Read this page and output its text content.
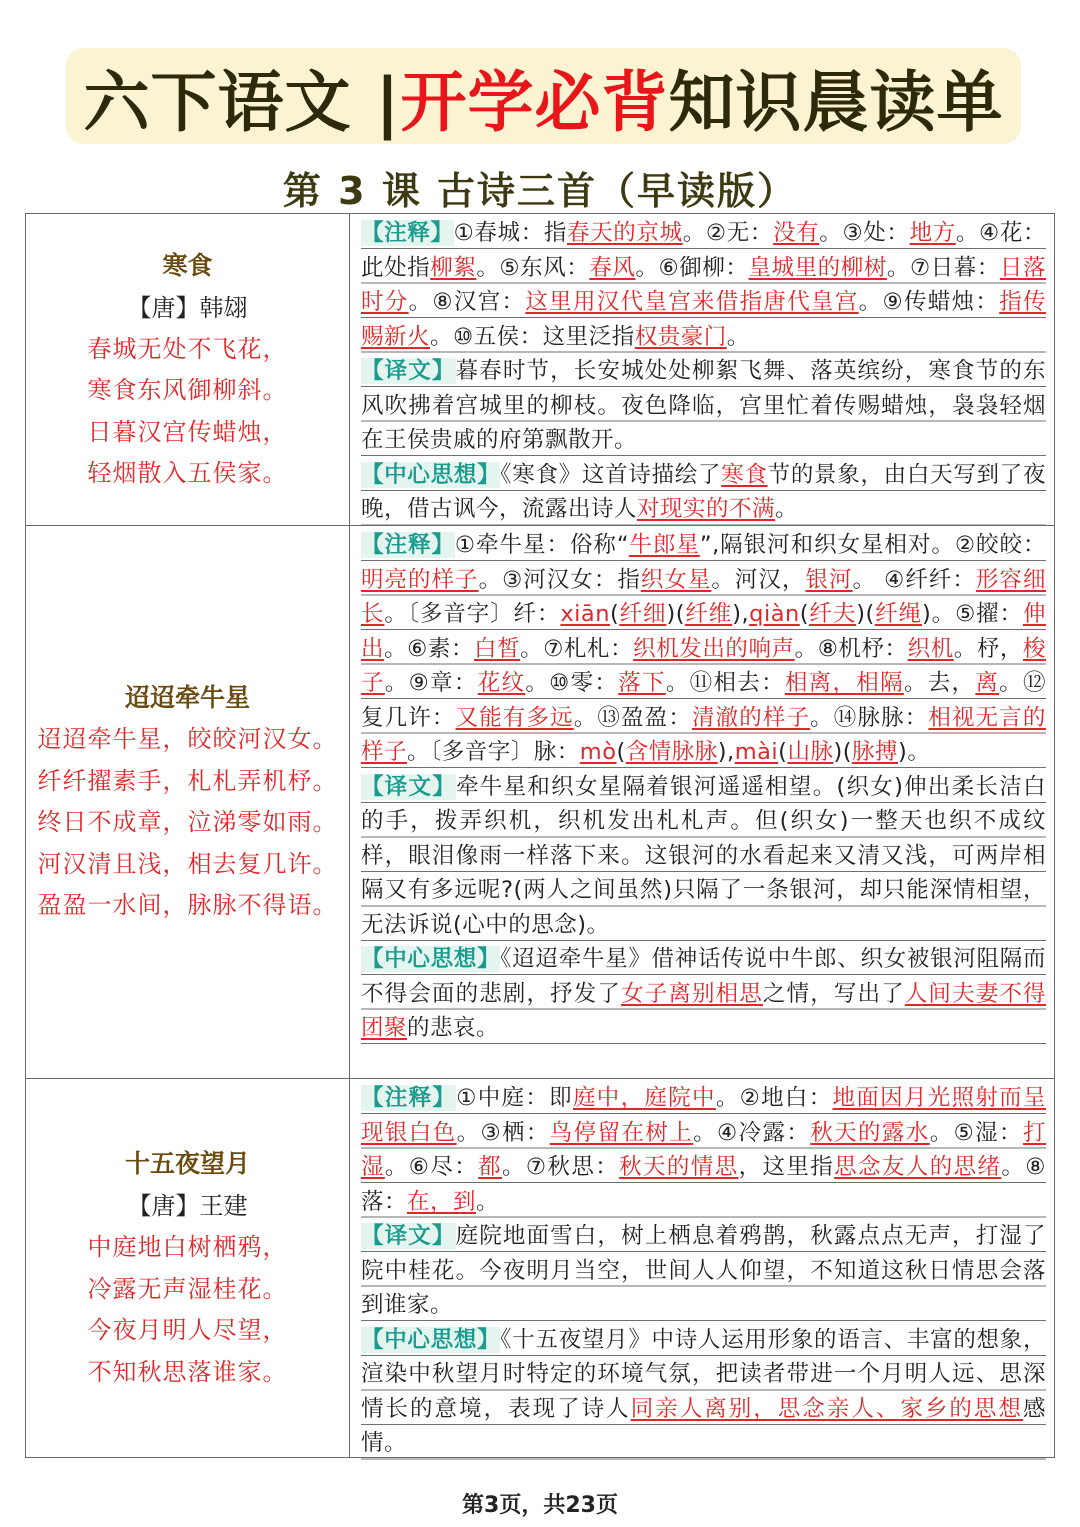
六下语文 | 开学必背 知识晨读单
第 3 课 古诗三首（早读版）
寒食
【唐】韩翃
春城无处不飞花，
寒食东风御柳斜。
日暮汉宫传蜡烛，
轻烟散入五侯家。
【注释】①春城：指春天的京城。②无：没有。③处：地方。④花：此处指柳絮。⑤东风：春风。⑥御柳：皇城里的柳树。⑦日暮：日落时分。⑧汉宫：这里用汉代皇宫来借指唐代皇宫。⑨传蜡烛：指传赐新火。⑩五侯：这里泛指权贵豪门。
【译文】暮春时节，长安城处处柳絮飞舞、落英缤纷，寒食节的东风吹拂着宫城里的柳枝。夜色降临，宫里忙着传赐蜡烛，袅袅轻烟在王侯贵戚的府第飘散开。
【中心思想】《寒食》这首诗描绘了寒食节的景象，由白天写到了夜晚，借古讽今，流露出诗人对现实的不满。
迢迢牵牛星
迢迢牵牛星，皎皎河汉女。
纤纤擢素手，札札弄机杼。
终日不成章，泣涕零如雨。
河汉清且浅，相去复几许。
盈盈一水间，脉脉不得语。
【注释】①牵牛星：俗称“牛郎星”,隔银河和织女星相对。②皎皎：明亮的样子。③河汉女：指织女星。河汉，银河。 ④纤纤：形容细长。〔多音字〕纤：xiān(纤细)(纤维),qiàn(纤夫)(纤绳)。⑤擢：伸出。⑥素：白皙。⑦札札：织机发出的响声。⑧机杼：织机。杼，梭子。⑨章：花纹。⑩零：落下。⑪相去：相离，相隔。去，离。⑫复几许：又能有多远。⑬盈盈：清澈的样子。⑭脉脉：相视无言的样子。〔多音字〕脉：mò(含情脉脉),mài(山脉)(脉搏)。
【译文】牵牛星和织女星隔着银河遥遥相望。(织女)伸出柔长洁白的手，拨弄织机，织机发出札札声。但(织女)一整天也织不成纹样，眼泪像雨一样落下来。这银河的水看起来又清又浅，可两岸相隔又有多远呢?(两人之间虽然)只隔了一条银河，却只能深情相望，无法诉说(心中的思念)。
【中心思想】《迢迢牵牛星》借神话传说中牛郎、织女被银河阻隔而不得会面的悲剧，抒发了女子离别相思之情，写出了人间夫妻不得团聚的悲哀。
十五夜望月
【唐】王建
中庭地白树栖鸦，
冷露无声湿桂花。
今夜月明人尽望，
不知秋思落谁家。
【注释】①中庭：即庭中，庭院中。②地白：地面因月光照射而呈现银白色。③栖：鸟停留在树上。④冷露：秋天的露水。⑤湿：打湿。⑥尽：都。⑦秋思：秋天的情思，这里指思念友人的思绪。⑧落：在，到。
【译文】庭院地面雪白，树上栖息着鸦鹊，秋露点点无声，打湿了院中桂花。今夜明月当空，世间人人仰望，不知道这秋日情思会落到谁家。
【中心思想】《十五夜望月》中诗人运用形象的语言、丰富的想象，渲染中秋望月时特定的环境气氛，把读者带进一个月明人远、思深情长的意境，表现了诗人同亲人离别，思念亲人、家乡的思想感情。
第3页，共23页
